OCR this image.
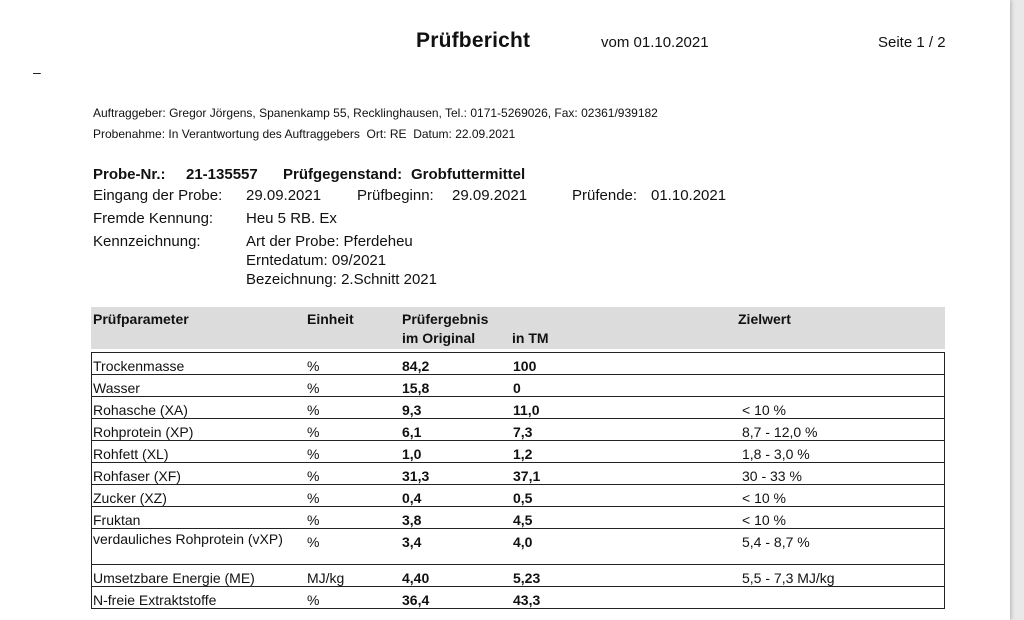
Prüfbericht	vom 01.10.2021	Seite 1 / 2
–
Auftraggeber: Gregor Jörgens, Spanenkamp 55, Recklinghausen, Tel.: 0171-5269026, Fax: 02361/939182
Probenahme: In Verantwortung des Auftraggebers  Ort: RE  Datum: 22.09.2021
Probe-Nr.: 21-135557 Prüfgegenstand: Grobfuttermittel
Eingang der Probe: 29.09.2021 Prüfbeginn: 29.09.2021	Prüfende: 01.10.2021
Fremde Kennung: Heu 5 RB. Ex
Kennzeichnung:	Art der Probe: Pferdeheu
Erntedatum: 09/2021
Bezeichnung: 2.Schnitt 2021
Prüfparameter	Einheit	Prüfergebnis
im Original	in TM
Zielwert
Trockenmasse	%	84,2	100
Wasser	%	15,8	0
Rohasche (XA)	%	9,3	11,0	< 10 %
Rohprotein (XP)	%	6,1	7,3	8,7 - 12,0 %
Rohfett (XL)	%	1,0	1,2	1,8 - 3,0 %
Rohfaser (XF)	%	31,3	37,1	30 - 33 %
Zucker (XZ)	%	0,4	0,5	< 10 %
Fruktan	%	3,8	4,5	< 10 %
verdauliches Rohprotein (vXP)	%	3,4	4,0	5,4 - 8,7 %
Umsetzbare Energie (ME)	MJ/kg	4,40	5,23	5,5 - 7,3 MJ/kg
N-freie Extraktstoffe	%	36,4	43,3
